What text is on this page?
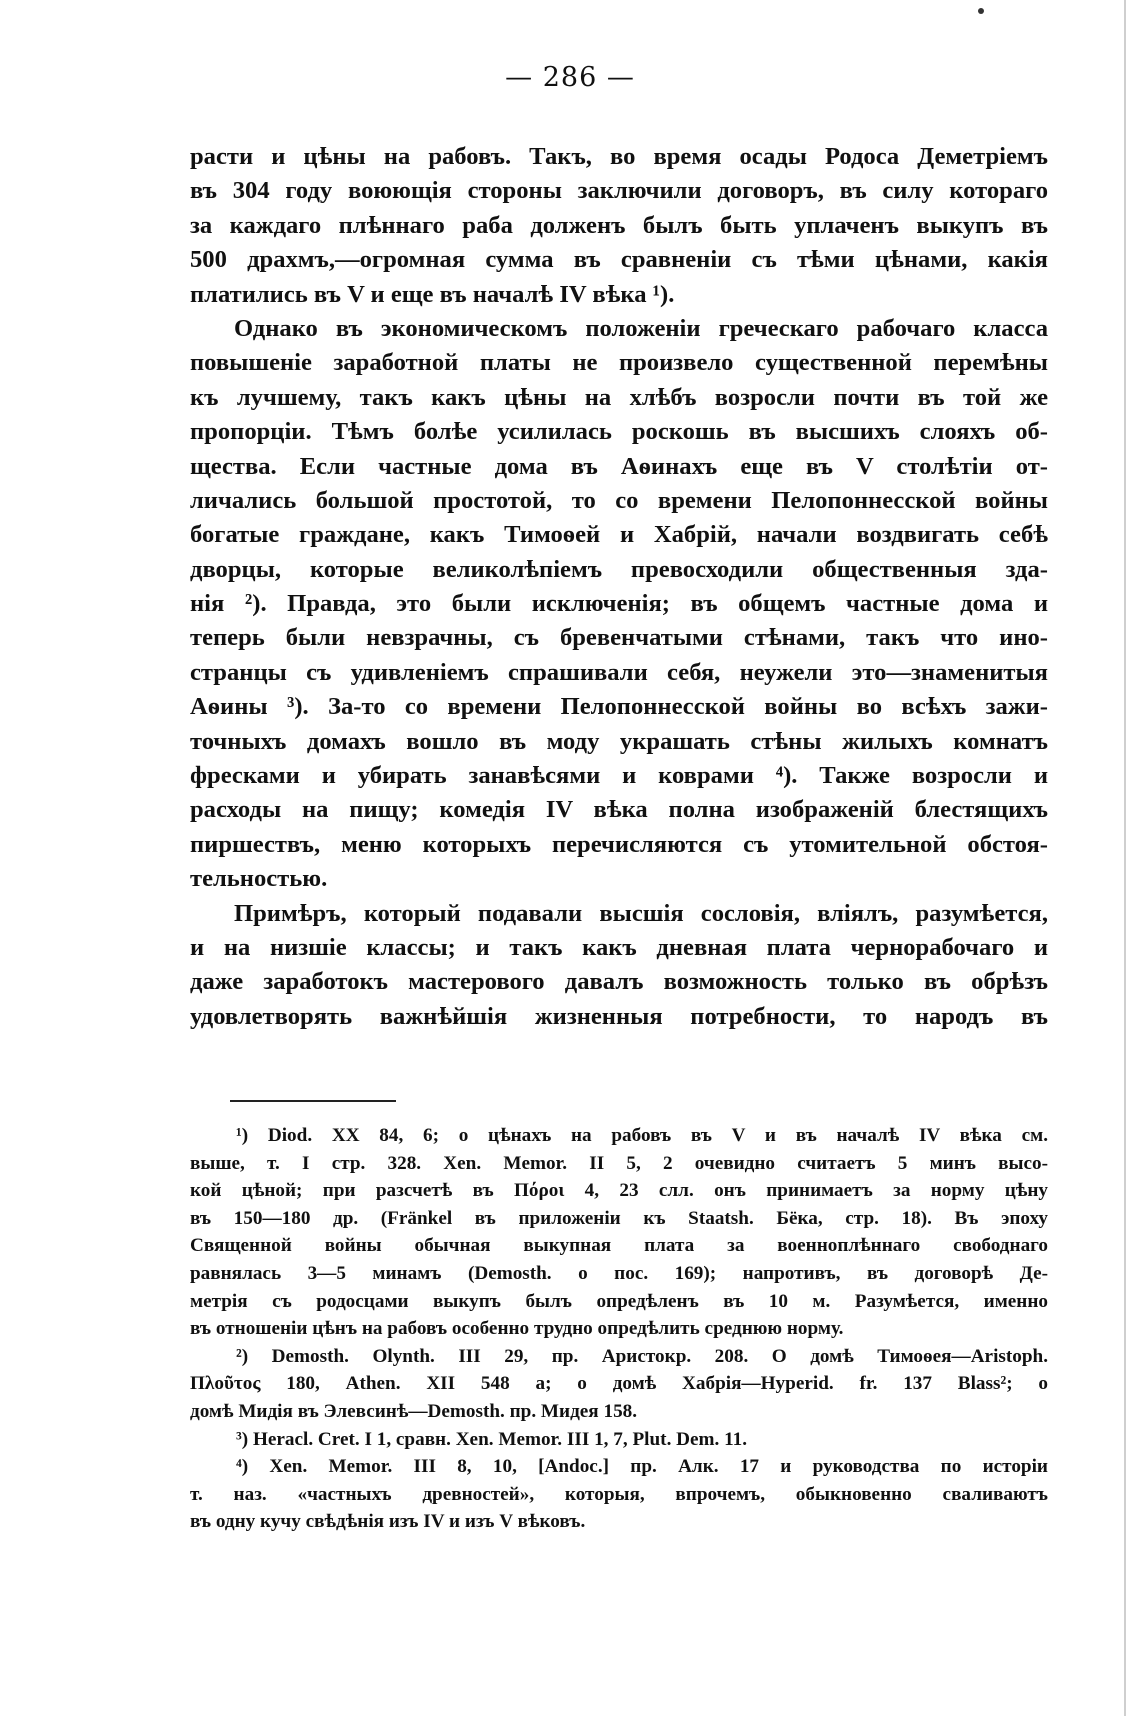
— 286 —
расти и цѣны на рабовъ. Такъ, во время осады Родоса Деметріемъ
въ 304 году воюющія стороны заключили договоръ, въ силу котораго
за каждаго плѣннаго раба долженъ былъ быть уплаченъ выкупъ въ
500 драхмъ,—огромная сумма въ сравненіи съ тѣми цѣнами, какія
платились въ V и еще въ началѣ IV вѣка ¹).
Однако въ экономическомъ положеніи греческаго рабочаго класса
повышеніе заработной платы не произвело существенной перемѣны
къ лучшему, такъ какъ цѣны на хлѣбъ возросли почти въ той же
пропорціи. Тѣмъ болѣе усилилась роскошь въ высшихъ слояхъ об-
щества. Если частные дома въ Аѳинахъ еще въ V столѣтіи от-
личались большой простотой, то со времени Пелопоннесской войны
богатые граждане, какъ Тимоѳей и Хабрій, начали воздвигать себѣ
дворцы, которые великолѣпіемъ превосходили общественныя зда-
нія ²). Правда, это были исключенія; въ общемъ частные дома и
теперь были невзрачны, съ бревенчатыми стѣнами, такъ что ино-
странцы съ удивленіемъ спрашивали себя, неужели это—знаменитыя
Аѳины ³). За-то со времени Пелопоннесской войны во всѣхъ зажи-
точныхъ домахъ вошло въ моду украшать стѣны жилыхъ комнатъ
фресками и убирать занавѣсями и коврами ⁴). Также возросли и
расходы на пищу; комедія IV вѣка полна изображеній блестящихъ
пиршествъ, меню которыхъ перечисляются съ утомительной обстоя-
тельностью.
Примѣръ, который подавали высшія сословія, вліялъ, разумѣется,
и на низшіе классы; и такъ какъ дневная плата чернорабочаго и
даже заработокъ мастерового давалъ возможность только въ обрѣзъ
удовлетворять важнѣйшія жизненныя потребности, то народъ въ
¹) Diod. XX 84, 6; о цѣнахъ на рабовъ въ V и въ началѣ IV вѣка см.
выше, т. I стр. 328. Xen. Memor. II 5, 2 очевидно считаетъ 5 минъ высо-
кой цѣной; при разсчетѣ въ Πόροι 4, 23 слл. онъ принимаетъ за норму цѣну
въ 150—180 др. (Fränkel въ приложеніи къ Staatsh. Бёка, стр. 18). Въ эпоху
Священной войны обычная выкупная плата за военноплѣннаго свободнаго
равнялась 3—5 минамъ (Demosth. о пос. 169); напротивъ, въ договорѣ Де-
метрія съ родосцами выкупъ былъ опредѣленъ въ 10 м. Разумѣется, именно
въ отношеніи цѣнъ на рабовъ особенно трудно опредѣлить среднюю норму.
²) Demosth. Olynth. III 29, пр. Аристокр. 208. О домѣ Тимоѳея—Aristoph.
Πλοῦτος 180, Athen. XII 548 a; о домѣ Хабрія—Hyperid. fr. 137 Blass²; о
домѣ Мидія въ Элевсинѣ—Demosth. пр. Мидея 158.
³) Heracl. Cret. I 1, сравн. Xen. Memor. III 1, 7, Plut. Dem. 11.
⁴) Xen. Memor. III 8, 10, [Andoc.] пр. Алк. 17 и руководства по исторіи
т. наз. «частныхъ древностей», которыя, впрочемъ, обыкновенно сваливаютъ
въ одну кучу свѣдѣнія изъ IV и изъ V вѣковъ.
